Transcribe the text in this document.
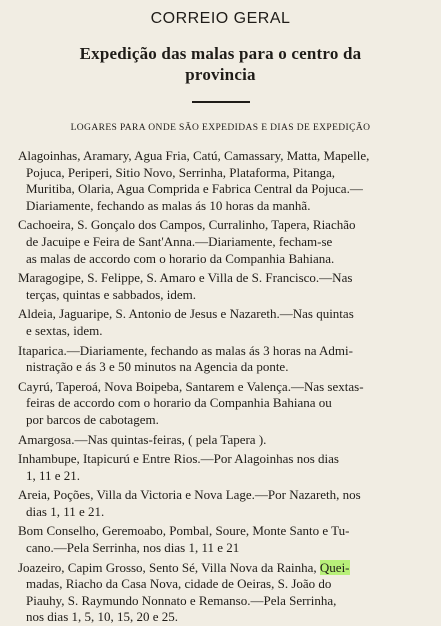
CORREIO GERAL
Expedição das malas para o centro da
provincia
LOGARES PARA ONDE SÃO EXPEDIDAS E DIAS DE EXPEDIÇÃO
Alagoinhas, Aramary, Agua Fria, Catú, Camassary, Matta, Mapelle,
Pojuca, Periperi, Sitio Novo, Serrinha, Plataforma, Pitanga,
Muritiba, Olaria, Agua Comprida e Fabrica Central da Pojuca.—
Diariamente, fechando as malas ás 10 horas da manhã.
Cachoeira, S. Gonçalo dos Campos, Curralinho, Tapera, Riachão
de Jacuipe e Feira de Sant'Anna.—Diariamente, fecham-se
as malas de accordo com o horario da Companhia Bahiana.
Maragogipe, S. Felippe, S. Amaro e Villa de S. Francisco.—Nas
terças, quintas e sabbados, idem.
Aldeia, Jaguaripe, S. Antonio de Jesus e Nazareth.—Nas quintas
e sextas, idem.
Itaparica.—Diariamente, fechando as malas ás 3 horas na Admi-
nistração e ás 3 e 50 minutos na Agencia da ponte.
Cayrú, Taperoá, Nova Boipeba, Santarem e Valença.—Nas sextas-
feiras de accordo com o horario da Companhia Bahiana ou
por barcos de cabotagem.
Amargosa.—Nas quintas-feiras, ( pela Tapera ).
Inhambupe, Itapicurú e Entre Rios.—Por Alagoinhas nos dias
1, 11 e 21.
Areia, Poções, Villa da Victoria e Nova Lage.—Por Nazareth, nos
dias 1, 11 e 21.
Bom Conselho, Geremoabo, Pombal, Soure, Monte Santo e Tu-
cano.—Pela Serrinha, nos dias 1, 11 e 21
Joazeiro, Capim Grosso, Sento Sé, Villa Nova da Rainha, Quei-
madas, Riacho da Casa Nova, cidade de Oeiras, S. João do
Piauhy, S. Raymundo Nonnato e Remanso.—Pela Serrinha,
nos dias 1, 5, 10, 15, 20 e 25.
